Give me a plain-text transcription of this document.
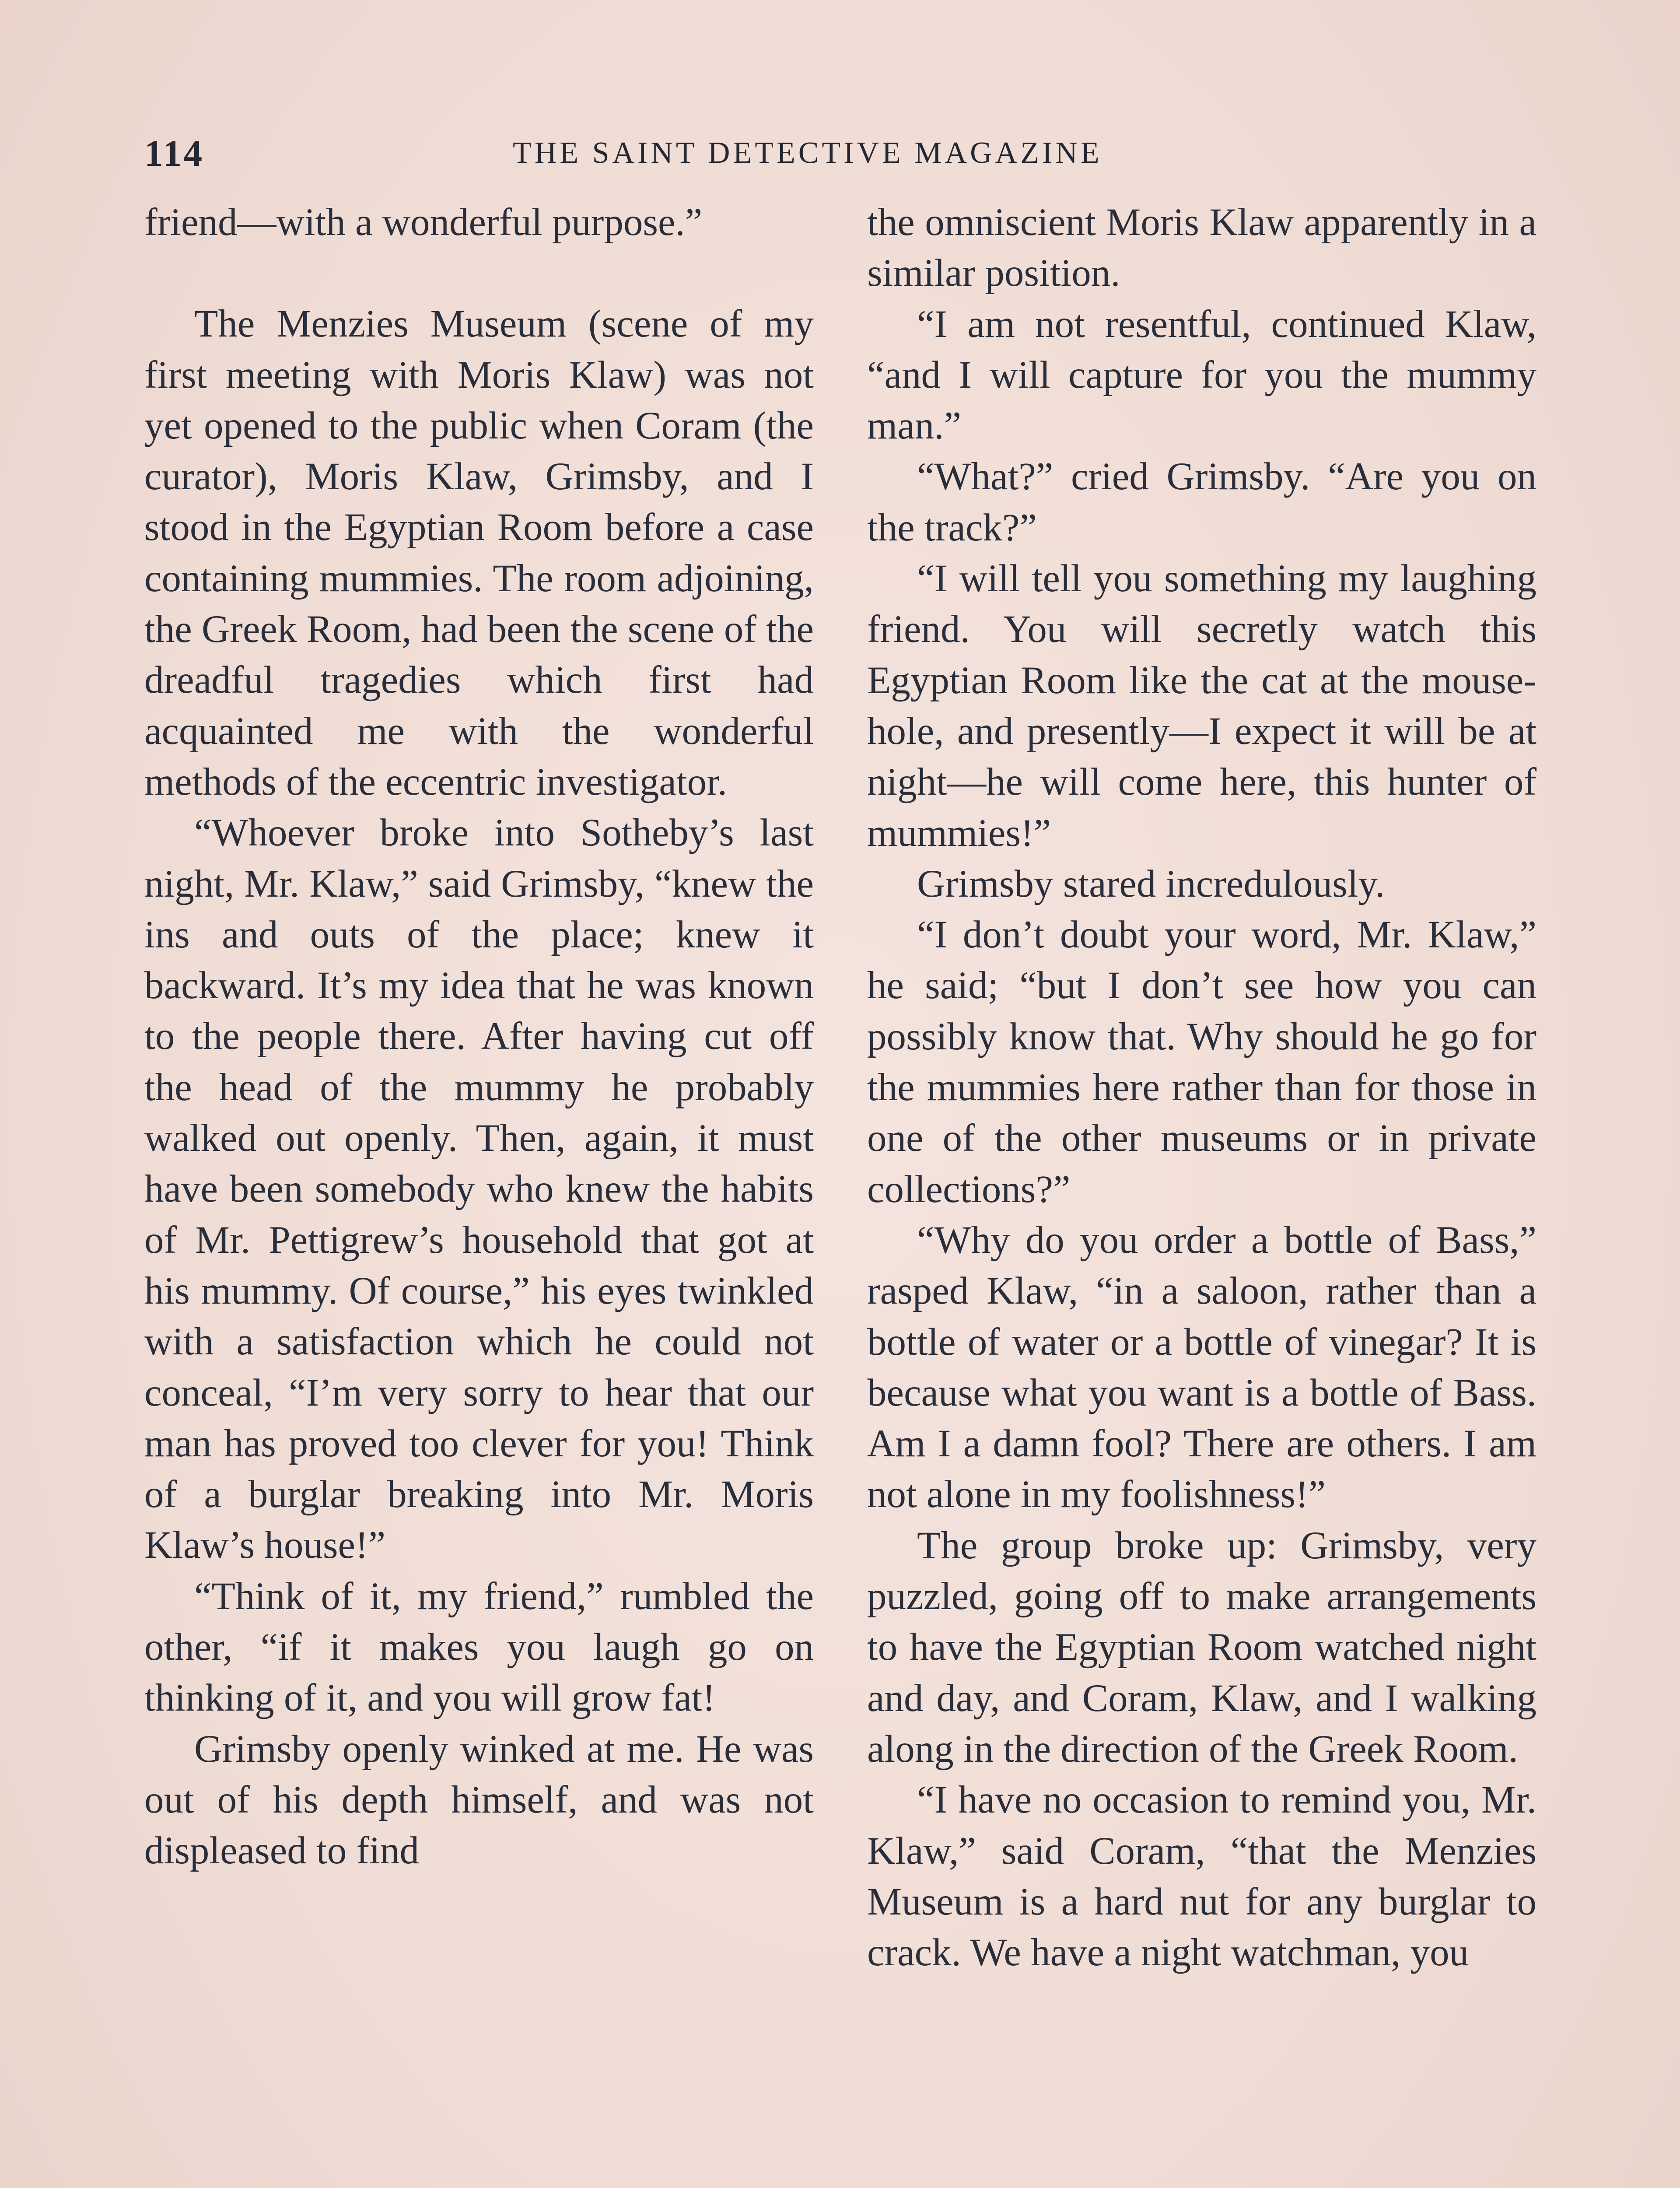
114	THE SAINT DETECTIVE MAGAZINE

friend—with a wonderful purpose.”

The Menzies Museum (scene of my first meeting with Moris Klaw) was not yet opened to the public when Coram (the curator), Moris Klaw, Grimsby, and I stood in the Egyptian Room before a case containing mummies. The room adjoining, the Greek Room, had been the scene of the dreadful tragedies which first had acquainted me with the wonderful methods of the eccentric investigator.

“Whoever broke into Sotheby’s last night, Mr. Klaw,” said Grimsby, “knew the ins and outs of the place; knew it backward. It’s my idea that he was known to the people there. After having cut off the head of the mummy he probably walked out openly. Then, again, it must have been somebody who knew the habits of Mr. Pettigrew’s household that got at his mummy. Of course,” his eyes twinkled with a satisfaction which he could not conceal, “I’m very sorry to hear that our man has proved too clever for you! Think of a burglar breaking into Mr. Moris Klaw’s house!”

“Think of it, my friend,” rumbled the other, “if it makes you laugh go on thinking of it, and you will grow fat!

Grimsby openly winked at me. He was out of his depth himself, and was not displeased to find

the omniscient Moris Klaw apparently in a similar position.

“I am not resentful, continued Klaw, “and I will capture for you the mummy man.”

“What?” cried Grimsby. “Are you on the track?”

“I will tell you something my laughing friend. You will secretly watch this Egyptian Room like the cat at the mouse-hole, and presently—I expect it will be at night—he will come here, this hunter of mummies!”

Grimsby stared incredulously.

“I don’t doubt your word, Mr. Klaw,” he said; “but I don’t see how you can possibly know that. Why should he go for the mummies here rather than for those in one of the other museums or in private collections?”

“Why do you order a bottle of Bass,” rasped Klaw, “in a saloon, rather than a bottle of water or a bottle of vinegar? It is because what you want is a bottle of Bass. Am I a damn fool? There are others. I am not alone in my foolishness!”

The group broke up: Grimsby, very puzzled, going off to make arrangements to have the Egyptian Room watched night and day, and Coram, Klaw, and I walking along in the direction of the Greek Room.

“I have no occasion to remind you, Mr. Klaw,” said Coram, “that the Menzies Museum is a hard nut for any burglar to crack. We have a night watchman, you
